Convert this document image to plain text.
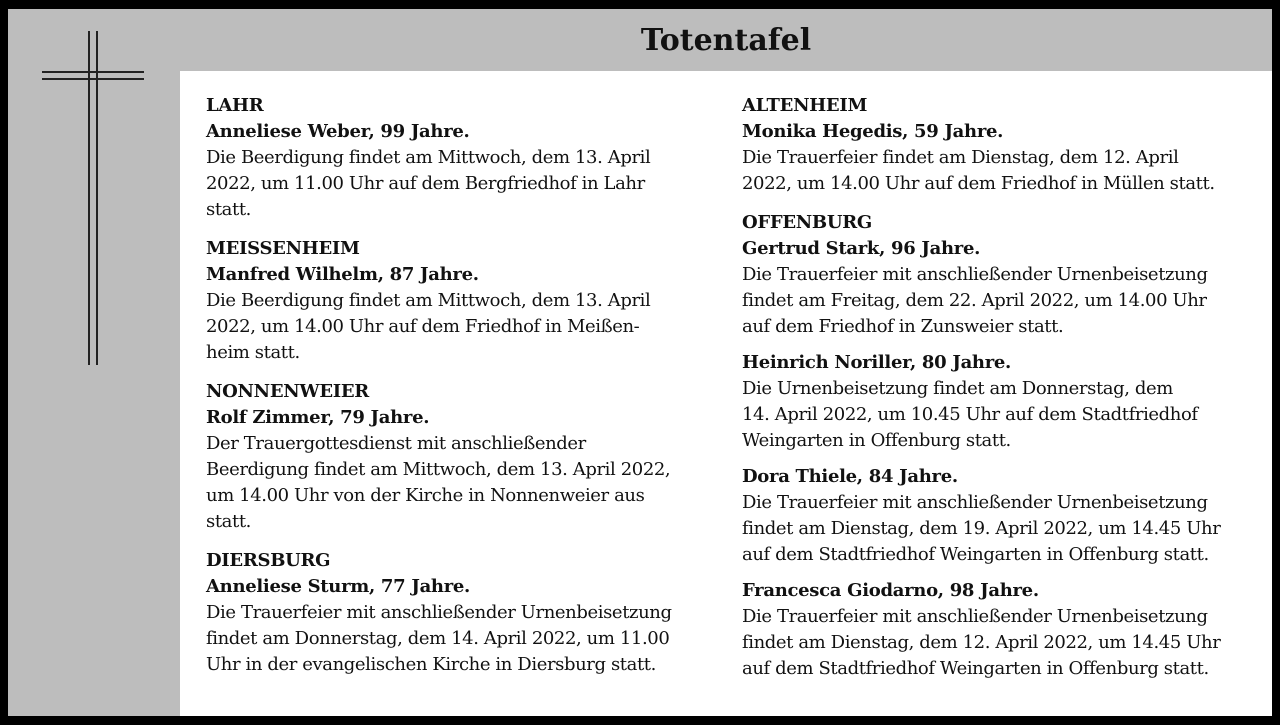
Totentafel
LAHR
Anneliese Weber, 99 Jahre.
Die Beerdigung findet am Mittwoch, dem 13. April
2022, um 11.00 Uhr auf dem Bergfriedhof in Lahr
statt.
MEISSENHEIM
Manfred Wilhelm, 87 Jahre.
Die Beerdigung findet am Mittwoch, dem 13. April
2022, um 14.00 Uhr auf dem Friedhof in Meißen-
heim statt.
NONNENWEIER
Rolf Zimmer, 79 Jahre.
Der Trauergottesdienst mit anschließender
Beerdigung findet am Mittwoch, dem 13. April 2022,
um 14.00 Uhr von der Kirche in Nonnenweier aus
statt.
DIERSBURG
Anneliese Sturm, 77 Jahre.
Die Trauerfeier mit anschließender Urnenbeisetzung
findet am Donnerstag, dem 14. April 2022, um 11.00
Uhr in der evangelischen Kirche in Diersburg statt.
ALTENHEIM
Monika Hegedis, 59 Jahre.
Die Trauerfeier findet am Dienstag, dem 12. April
2022, um 14.00 Uhr auf dem Friedhof in Müllen statt.
OFFENBURG
Gertrud Stark, 96 Jahre.
Die Trauerfeier mit anschließender Urnenbeisetzung
findet am Freitag, dem 22. April 2022, um 14.00 Uhr
auf dem Friedhof in Zunsweier statt.
Heinrich Noriller, 80 Jahre.
Die Urnenbeisetzung findet am Donnerstag, dem
14. April 2022, um 10.45 Uhr auf dem Stadtfriedhof
Weingarten in Offenburg statt.
Dora Thiele, 84 Jahre.
Die Trauerfeier mit anschließender Urnenbeisetzung
findet am Dienstag, dem 19. April 2022, um 14.45 Uhr
auf dem Stadtfriedhof Weingarten in Offenburg statt.
Francesca Giodarno, 98 Jahre.
Die Trauerfeier mit anschließender Urnenbeisetzung
findet am Dienstag, dem 12. April 2022, um 14.45 Uhr
auf dem Stadtfriedhof Weingarten in Offenburg statt.
